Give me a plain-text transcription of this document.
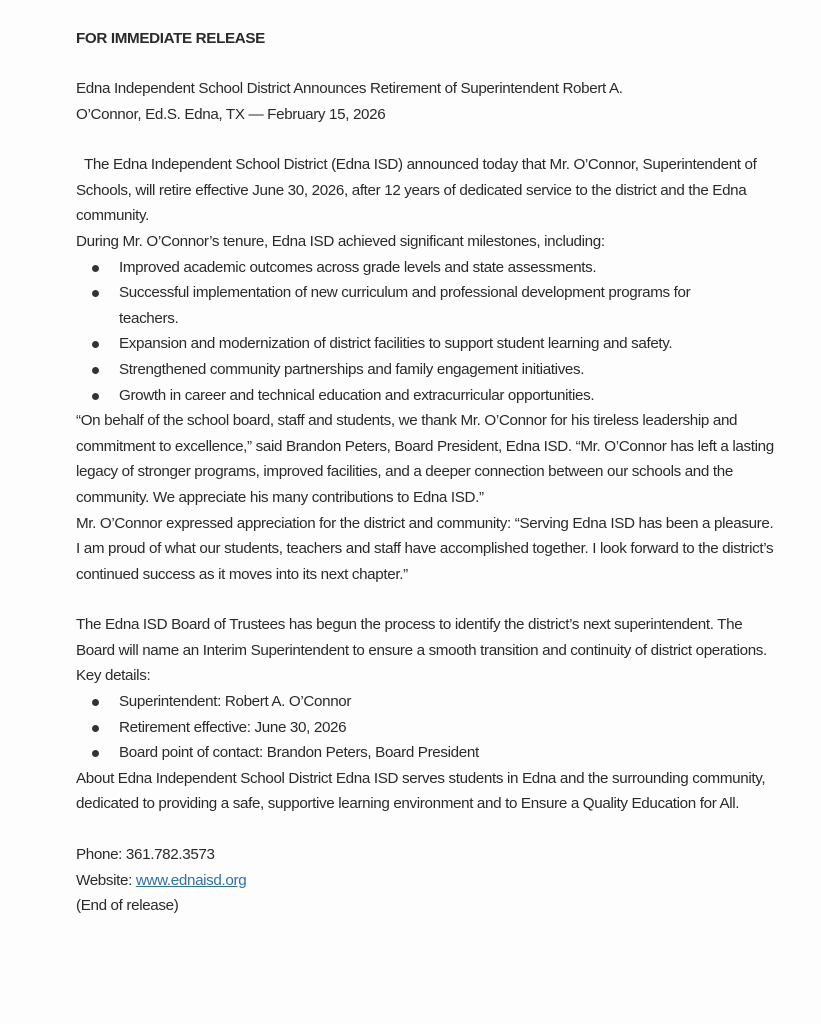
FOR IMMEDIATE RELEASE
Edna Independent School District Announces Retirement of Superintendent Robert A.
O’Connor, Ed.S. Edna, TX — February 15, 2026
The Edna Independent School District (Edna ISD) announced today that Mr. O’Connor, Superintendent of Schools, will retire effective June 30, 2026, after 12 years of dedicated service to the district and the Edna community.
During Mr. O’Connor’s tenure, Edna ISD achieved significant milestones, including:
Improved academic outcomes across grade levels and state assessments.
Successful implementation of new curriculum and professional development programs for teachers.
Expansion and modernization of district facilities to support student learning and safety.
Strengthened community partnerships and family engagement initiatives.
Growth in career and technical education and extracurricular opportunities.
“On behalf of the school board, staff and students, we thank Mr. O’Connor for his tireless leadership and commitment to excellence,” said Brandon Peters, Board President, Edna ISD. “Mr. O’Connor has left a lasting legacy of stronger programs, improved facilities, and a deeper connection between our schools and the community. We appreciate his many contributions to Edna ISD.”
Mr. O’Connor expressed appreciation for the district and community: “Serving Edna ISD has been a pleasure. I am proud of what our students, teachers and staff have accomplished together. I look forward to the district’s continued success as it moves into its next chapter.”
The Edna ISD Board of Trustees has begun the process to identify the district’s next superintendent. The Board will name an Interim Superintendent to ensure a smooth transition and continuity of district operations.
Key details:
Superintendent: Robert A. O’Connor
Retirement effective: June 30, 2026
Board point of contact: Brandon Peters, Board President
About Edna Independent School District Edna ISD serves students in Edna and the surrounding community, dedicated to providing a safe, supportive learning environment and to Ensure a Quality Education for All.
Phone: 361.782.3573
Website: www.ednaisd.org
(End of release)
